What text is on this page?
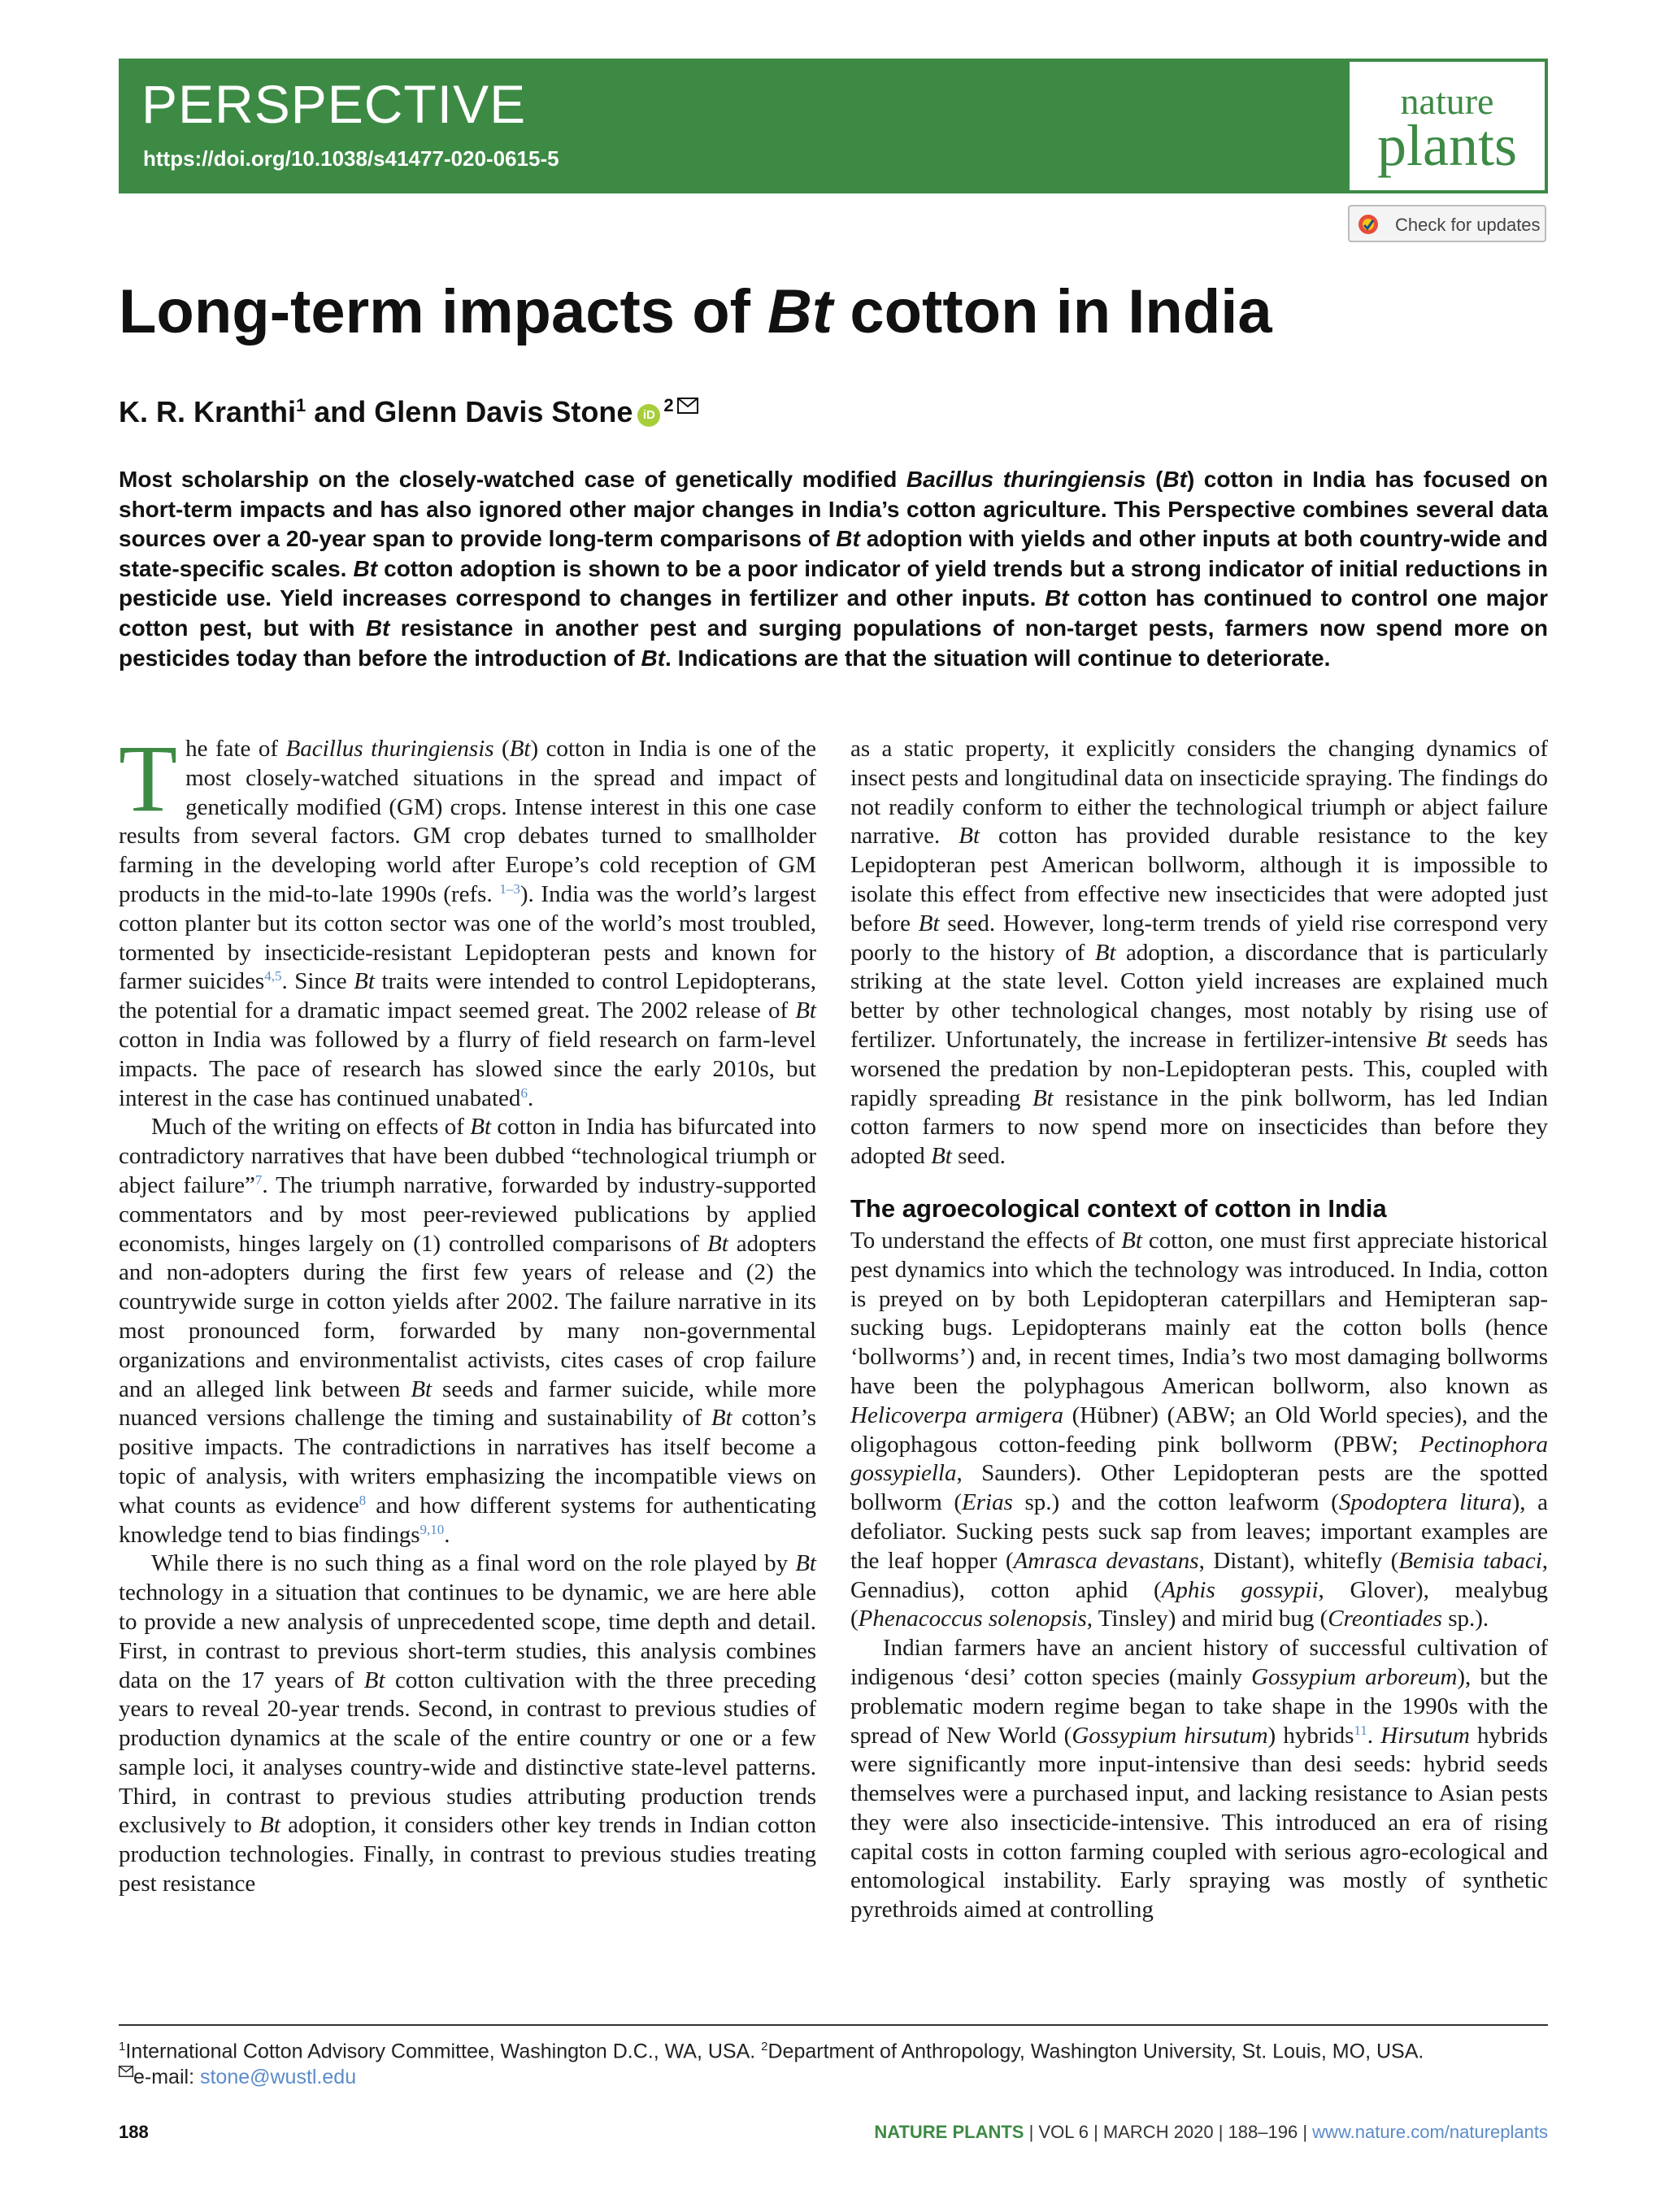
PERSPECTIVE
https://doi.org/10.1038/s41477-020-0615-5
nature
plants
Check for updates
Long-term impacts of Bt cotton in India
K. R. Kranthi$^1$ and Glenn Davis Stone iD $^2$
Most scholarship on the closely-watched case of genetically modified Bacillus thuringiensis (Bt) cotton in India has focused on short-term impacts and has also ignored other major changes in India’s cotton agriculture. This Perspective combines several data sources over a 20-year span to provide long-term comparisons of Bt adoption with yields and other inputs at both country-wide and state-specific scales. Bt cotton adoption is shown to be a poor indicator of yield trends but a strong indicator of initial reductions in pesticide use. Yield increases correspond to changes in fertilizer and other inputs. Bt cotton has continued to control one major cotton pest, but with Bt resistance in another pest and surging populations of non-target pests, farmers now spend more on pesticides today than before the introduction of Bt. Indications are that the situation will continue to deteriorate.

The fate of Bacillus thuringiensis (Bt) cotton in India is one of the most closely-watched situations in the spread and impact of genetically modified (GM) crops. Intense interest in this one case results from several factors. GM crop debates turned to smallholder farming in the developing world after Europe’s cold reception of GM products in the mid-to-late 1990s (refs. $^{1-3}$). India was the world’s largest cotton planter but its cotton sector was one of the world’s most troubled, tormented by insecticide-resistant Lepidopteran pests and known for farmer suicides$^{4,5}$. Since Bt traits were intended to control Lepidopterans, the potential for a dramatic impact seemed great. The 2002 release of Bt cotton in India was followed by a flurry of field research on farm-level impacts. The pace of research has slowed since the early 2010s, but interest in the case has continued unabated$^6$.

Much of the writing on effects of Bt cotton in India has bifurcated into contradictory narratives that have been dubbed “technological triumph or abject failure”$^7$. The triumph narrative, forwarded by industry-supported commentators and by most peer-reviewed publications by applied economists, hinges largely on (1) controlled comparisons of Bt adopters and non-adopters during the first few years of release and (2) the countrywide surge in cotton yields after 2002. The failure narrative in its most pronounced form, forwarded by many non-governmental organizations and environmentalist activists, cites cases of crop failure and an alleged link between Bt seeds and farmer suicide, while more nuanced versions challenge the timing and sustainability of Bt cotton’s positive impacts. The contradictions in narratives has itself become a topic of analysis, with writers emphasizing the incompatible views on what counts as evidence$^8$ and how different systems for authenticating knowledge tend to bias findings$^{9,10}$.

While there is no such thing as a final word on the role played by Bt technology in a situation that continues to be dynamic, we are here able to provide a new analysis of unprecedented scope, time depth and detail. First, in contrast to previous short-term studies, this analysis combines data on the 17 years of Bt cotton cultivation with the three preceding years to reveal 20-year trends. Second, in contrast to previous studies of production dynamics at the scale of the entire country or one or a few sample loci, it analyses country-wide and distinctive state-level patterns. Third, in contrast to previous studies attributing production trends exclusively to Bt adoption, it considers other key trends in Indian cotton production technologies. Finally, in contrast to previous studies treating pest resistance

as a static property, it explicitly considers the changing dynamics of insect pests and longitudinal data on insecticide spraying. The findings do not readily conform to either the technological triumph or abject failure narrative. Bt cotton has provided durable resistance to the key Lepidopteran pest American bollworm, although it is impossible to isolate this effect from effective new insecticides that were adopted just before Bt seed. However, long-term trends of yield rise correspond very poorly to the history of Bt adoption, a discordance that is particularly striking at the state level. Cotton yield increases are explained much better by other technological changes, most notably by rising use of fertilizer. Unfortunately, the increase in fertilizer-intensive Bt seeds has worsened the predation by non-Lepidopteran pests. This, coupled with rapidly spreading Bt resistance in the pink bollworm, has led Indian cotton farmers to now spend more on insecticides than before they adopted Bt seed.

The agroecological context of cotton in India

To understand the effects of Bt cotton, one must first appreciate historical pest dynamics into which the technology was introduced. In India, cotton is preyed on by both Lepidopteran caterpillars and Hemipteran sap-sucking bugs. Lepidopterans mainly eat the cotton bolls (hence ‘bollworms’) and, in recent times, India’s two most damaging bollworms have been the polyphagous American bollworm, also known as Helicoverpa armigera (Hübner) (ABW; an Old World species), and the oligophagous cotton-feeding pink bollworm (PBW; Pectinophora gossypiella, Saunders). Other Lepidopteran pests are the spotted bollworm (Erias sp.) and the cotton leafworm (Spodoptera litura), a defoliator. Sucking pests suck sap from leaves; important examples are the leaf hopper (Amrasca devastans, Distant), whitefly (Bemisia tabaci, Gennadius), cotton aphid (Aphis gossypii, Glover), mealybug (Phenacoccus solenopsis, Tinsley) and mirid bug (Creontiades sp.).

Indian farmers have an ancient history of successful cultivation of indigenous ‘desi’ cotton species (mainly Gossypium arboreum), but the problematic modern regime began to take shape in the 1990s with the spread of New World (Gossypium hirsutum) hybrids$^{11}$. Hirsutum hybrids were significantly more input-intensive than desi seeds: hybrid seeds themselves were a purchased input, and lacking resistance to Asian pests they were also insecticide-intensive. This introduced an era of rising capital costs in cotton farming coupled with serious agro-ecological and entomological instability. Early spraying was mostly of synthetic pyrethroids aimed at controlling

$^1$International Cotton Advisory Committee, Washington D.C., WA, USA. $^2$Department of Anthropology, Washington University, St. Louis, MO, USA.
e-mail: stone@wustl.edu
188	NATURE PLANTS | VOL 6 | MARCH 2020 | 188–196 | www.nature.com/natureplants
